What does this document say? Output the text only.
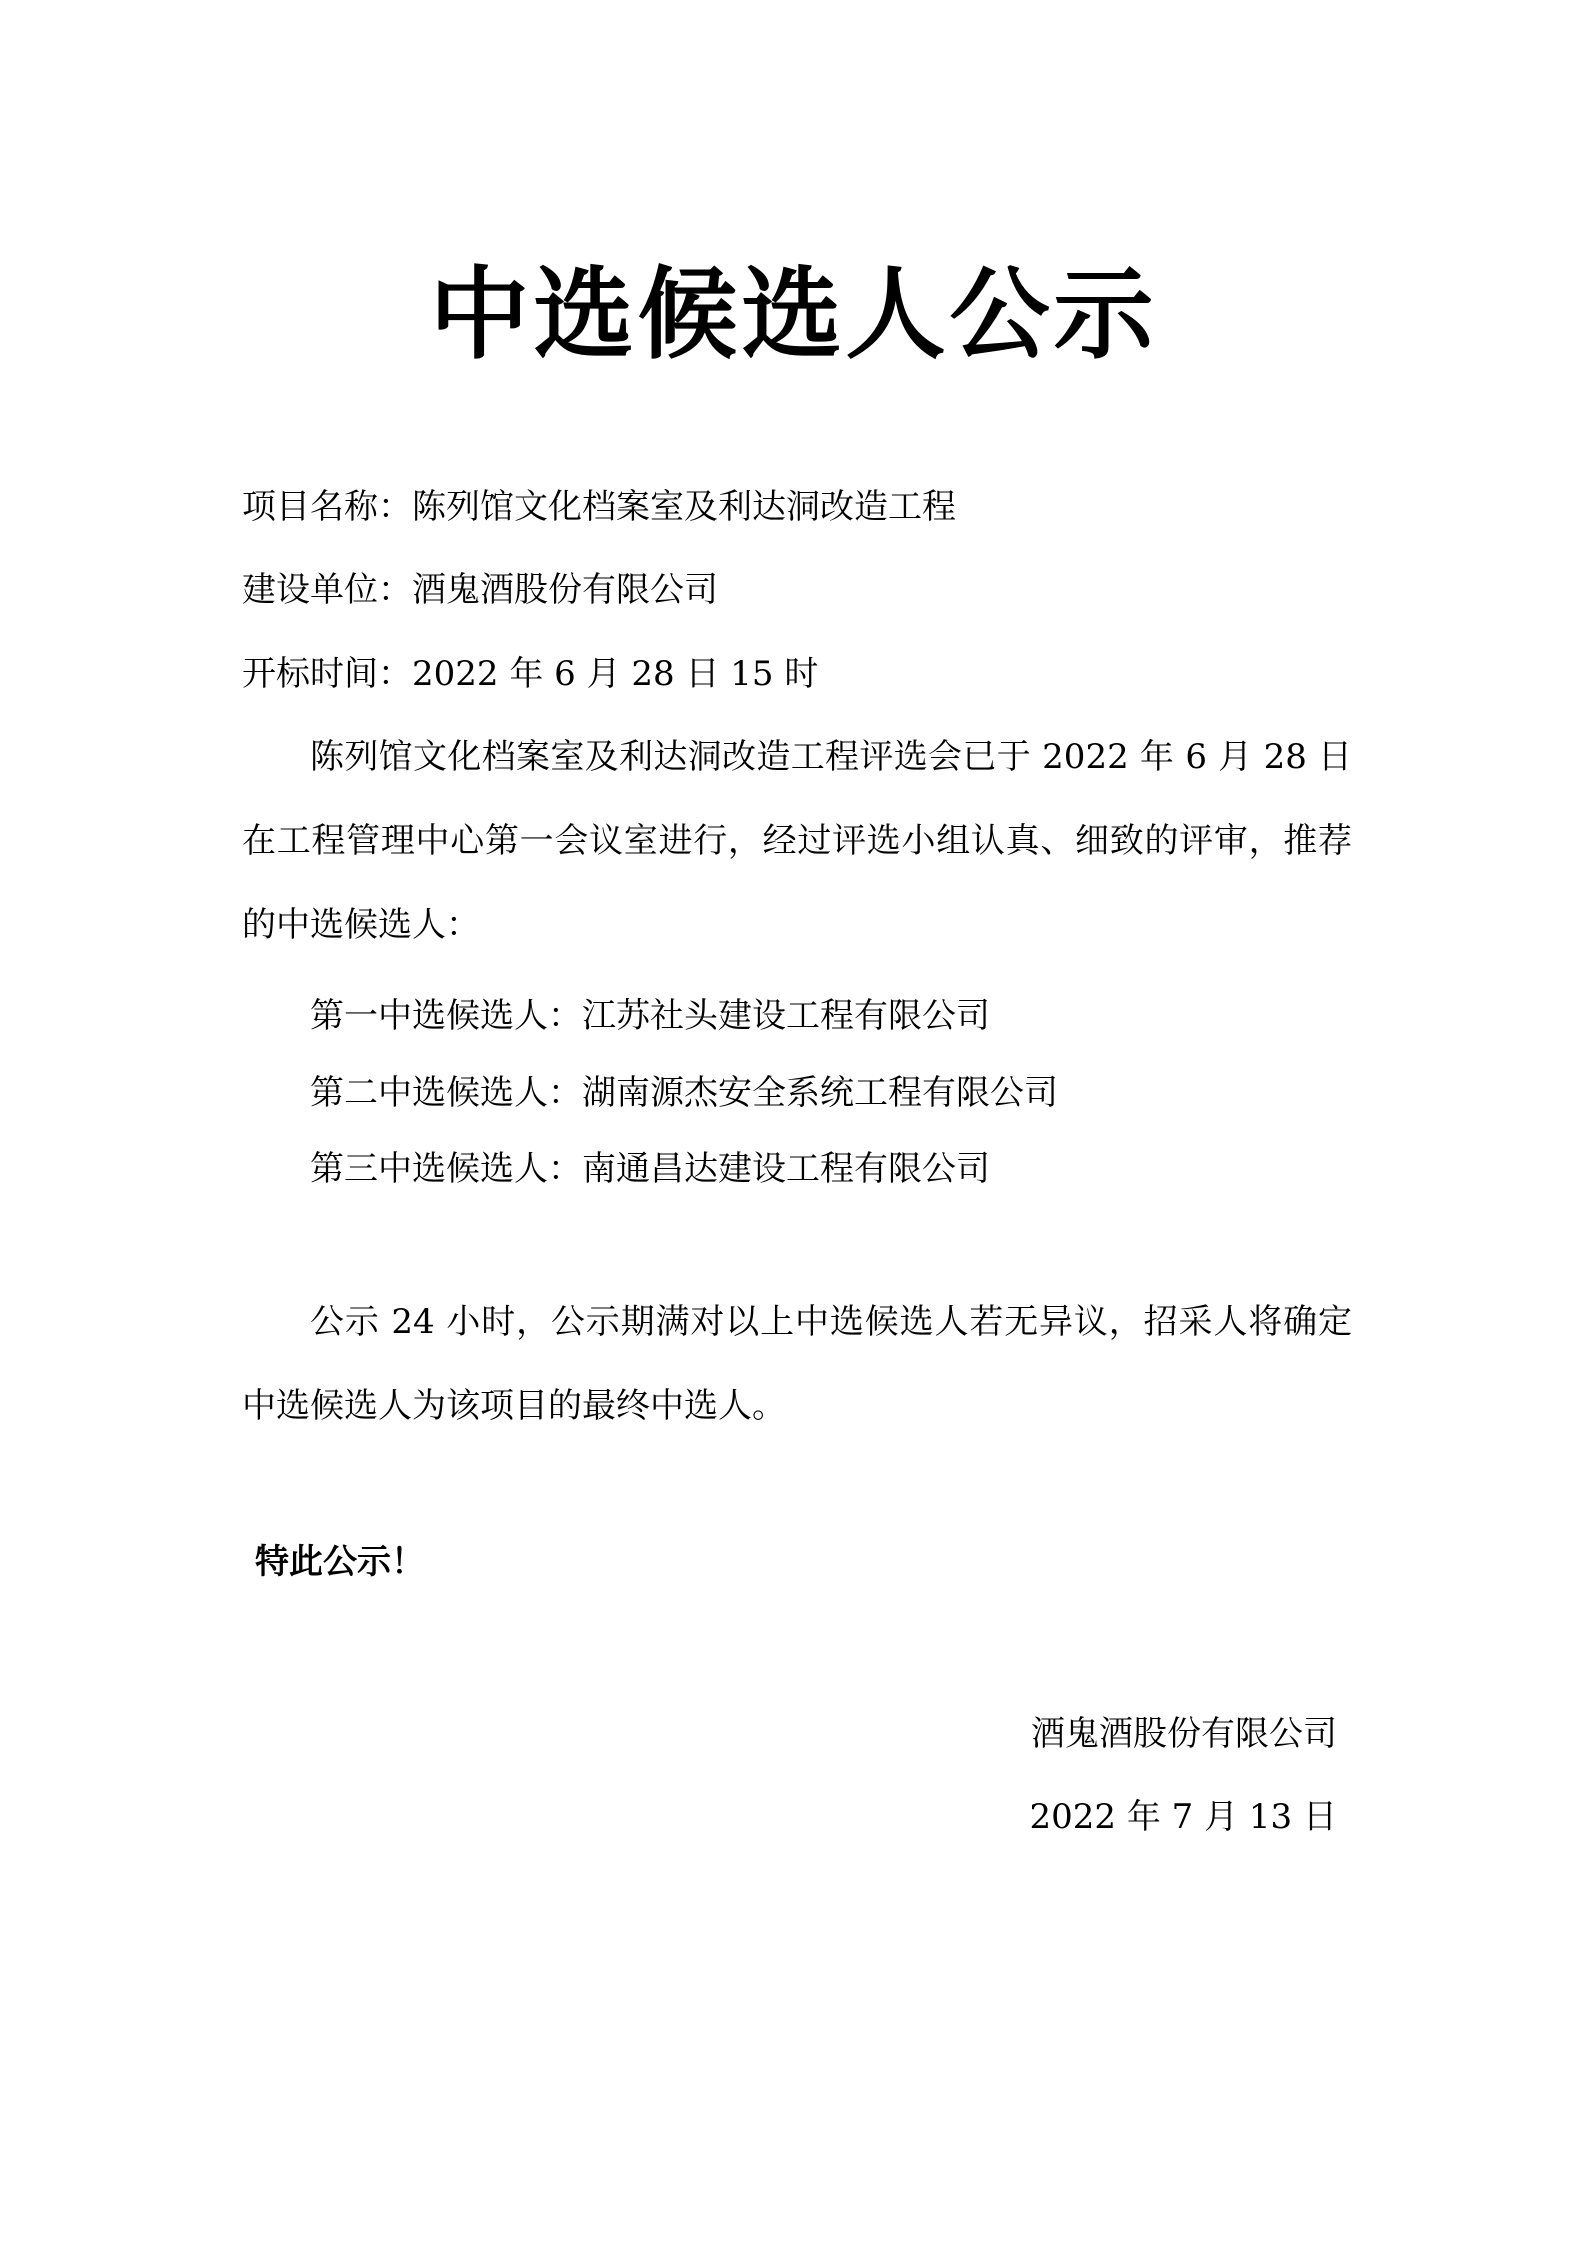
中选候选人公示

项目名称：陈列馆文化档案室及利达洞改造工程

建设单位：酒鬼酒股份有限公司

开标时间：2022 年 6 月 28 日 15 时

陈列馆文化档案室及利达洞改造工程评选会已于 2022 年 6 月 28 日在工程管理中心第一会议室进行，经过评选小组认真、细致的评审，推荐的中选候选人：

第一中选候选人：江苏社头建设工程有限公司

第二中选候选人：湖南源杰安全系统工程有限公司

第三中选候选人：南通昌达建设工程有限公司

公示 24 小时，公示期满对以上中选候选人若无异议，招采人将确定中选候选人为该项目的最终中选人。

特此公示！

酒鬼酒股份有限公司

2022 年 7 月 13 日
